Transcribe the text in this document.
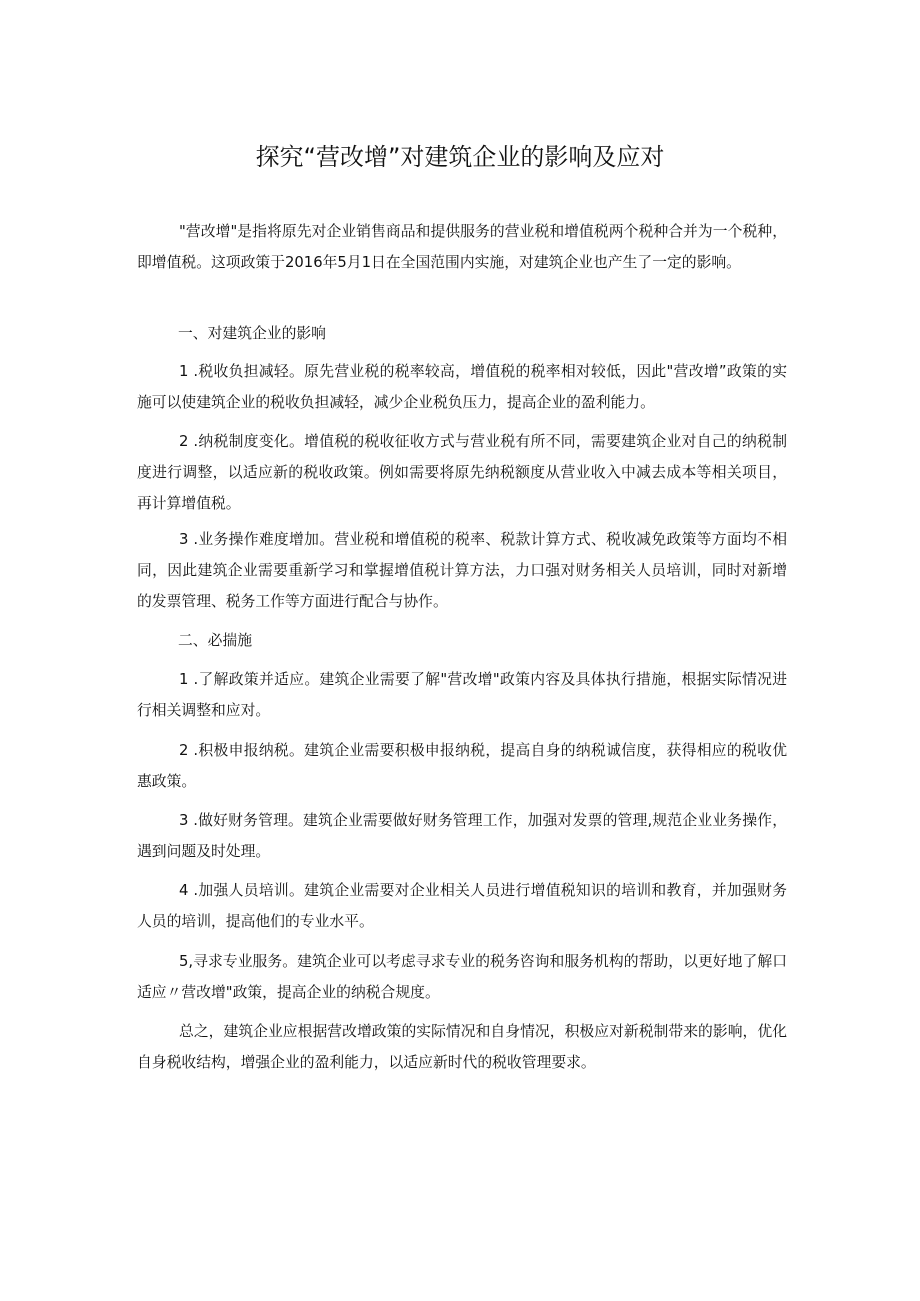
探究“营改增”对建筑企业的影响及应对

"营改增"是指将原先对企业销售商品和提供服务的营业税和增值税两个税种合并为一个税种，即增值税。这项政策于2016年5月1日在全国范围内实施，对建筑企业也产生了一定的影响。

一、对建筑企业的影响

1 .税收负担减轻。原先营业税的税率较高，增值税的税率相对较低，因此"营改增”政策的实施可以使建筑企业的税收负担减轻，减少企业税负压力，提高企业的盈利能力。

2 .纳税制度变化。增值税的税收征收方式与营业税有所不同，需要建筑企业对自己的纳税制度进行调整，以适应新的税收政策。例如需要将原先纳税额度从营业收入中减去成本等相关项目，再计算增值税。

3 .业务操作难度增加。营业税和增值税的税率、税款计算方式、税收减免政策等方面均不相同，因此建筑企业需要重新学习和掌握增值税计算方法，力口强对财务相关人员培训，同时对新增的发票管理、税务工作等方面进行配合与协作。

二、必揣施

1 .了解政策并适应。建筑企业需要了解"营改增"政策内容及具体执行措施，根据实际情况进行相关调整和应对。

2 .积极申报纳税。建筑企业需要积极申报纳税，提高自身的纳税诚信度，获得相应的税收优惠政策。

3 .做好财务管理。建筑企业需要做好财务管理工作，加强对发票的管理,规范企业业务操作，遇到问题及时处理。

4 .加强人员培训。建筑企业需要对企业相关人员进行增值税知识的培训和教育，并加强财务人员的培训，提高他们的专业水平。

5,寻求专业服务。建筑企业可以考虑寻求专业的税务咨询和服务机构的帮助，以更好地了解口适应〃营改增"政策，提高企业的纳税合规度。

总之，建筑企业应根据营改增政策的实际情况和自身情况，积极应对新税制带来的影响，优化自身税收结构，增强企业的盈利能力，以适应新时代的税收管理要求。
